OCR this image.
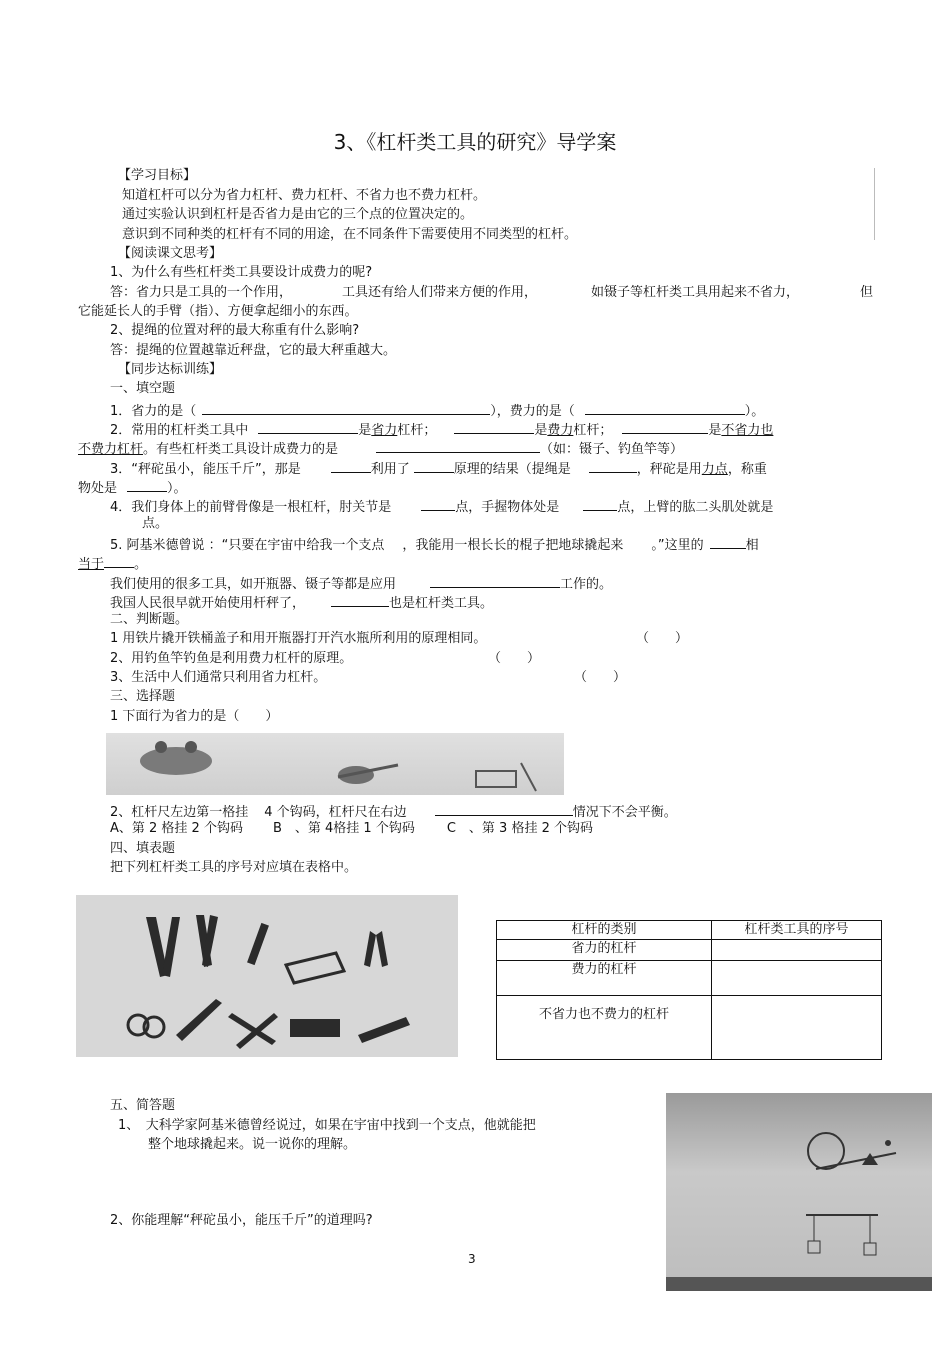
3、《杠杆类工具的研究》导学案
【学习目标】
知道杠杆可以分为省力杠杆、费力杠杆、不省力也不费力杠杆。
通过实验认识到杠杆是否省力是由它的三个点的位置决定的。
意识到不同种类的杠杆有不同的用途，在不同条件下需要使用不同类型的杠杆。
【阅读课文思考】
1、为什么有些杠杆类工具要设计成费力的呢?
答：省力只是工具的一个作用，	工具还有给人们带来方便的作用，	如镊子等杠杆类工具用起来不省力，	但
它能延长人的手臂（指）、方便拿起细小的东西。
2、提绳的位置对秤的最大称重有什么影响?
答：提绳的位置越靠近秤盘，它的最大秤重越大。
【同步达标训练】
一、填空题
1．省力的是（	），费力的是（	）。
2．常用的杠杆类工具中	是省力杠杆；	是费力杠杆；	是不省力也
不费力杠杆。有些杠杆类工具设计成费力的是	（如：镊子、钓鱼竿等）
3．“秤砣虽小，能压千斤”，那是	利用了	原理的结果（提绳是	，秤砣是用力点，称重
物处是	）。
4．我们身体上的前臂骨像是一根杠杆，肘关节是	点，手握物体处是	点，上臂的肱二头肌处就是
点。
5. 阿基米德曾说 ：“只要在宇宙中给我一个支点 ，我能用一根长长的棍子把地球撬起来 。”这里的	相
当于 。
我们使用的很多工具，如开瓶器、镊子等都是应用	工作的。
我国人民很早就开始使用杆秤了，	也是杠杆类工具。
二、判断题。
1 用铁片撬开铁桶盖子和用开瓶器打开汽水瓶所利用的原理相同。	（　　）
2、用钓鱼竿钓鱼是利用费力杠杆的原理。	（　　）
3、生活中人们通常只利用省力杠杆。	（　　）
三、选择题
1 下面行为省力的是（　　）
2、杠杆尺左边第一格挂 4 个钩码，杠杆尺在右边	情况下不会平衡。
A、第 2 格挂 2 个钩码 B　、第 4格挂 1 个钩码 C　、第 3 格挂 2 个钩码
四、填表题
把下列杠杆类工具的序号对应填在表格中。
杠杆的类别	杠杆类工具的序号
省力的杠杆	
费力的杠杆	
不省力也不费力的杠杆	
五、简答题
1、　大科学家阿基米德曾经说过，如果在宇宙中找到一个支点，他就能把
整个地球撬起来。说一说你的理解。
2、你能理解“秤砣虽小，能压千斤”的道理吗?
3
